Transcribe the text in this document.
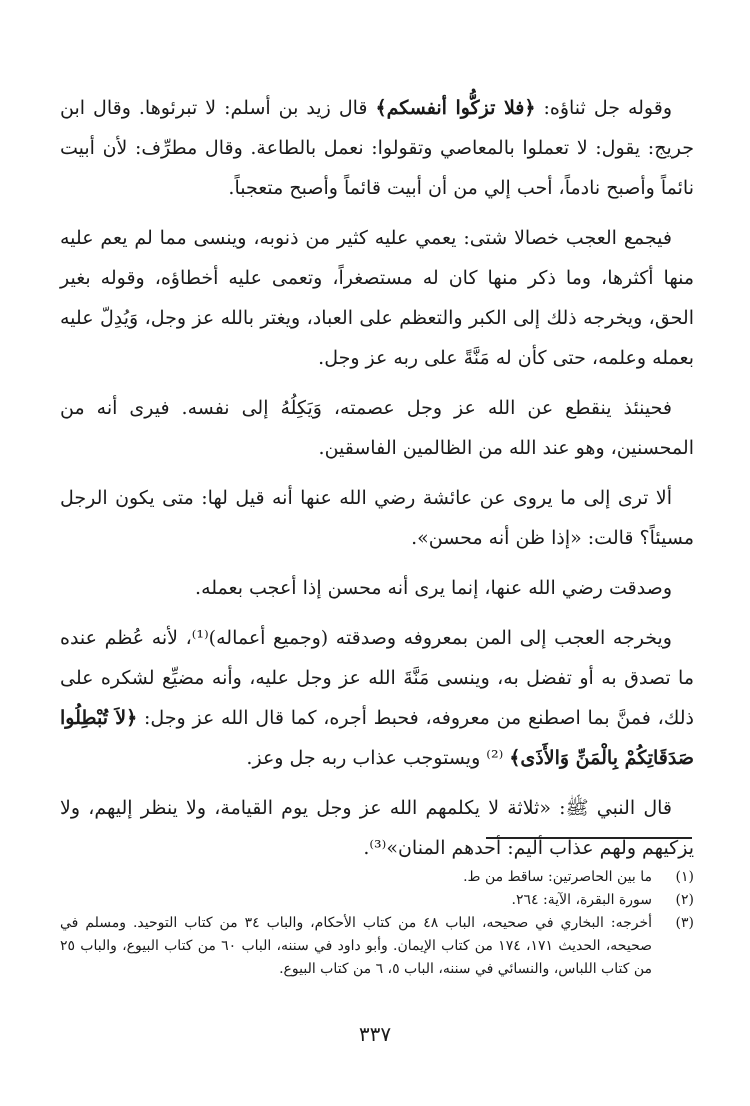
وقوله جل ثناؤه: ﴿فلا تزكُّوا أنفسكم﴾ قال زيد بن أسلم: لا تبرئوها. وقال ابن جريج: يقول: لا تعملوا بالمعاصي وتقولوا: نعمل بالطاعة. وقال مطرِّف: لأن أبيت نائماً وأصبح نادماً، أحب إلي من أن أبيت قائماً وأصبح متعجباً.

فيجمع العجب خصالا شتى: يعمي عليه كثير من ذنوبه، وينسى مما لم يعم عليه منها أكثرها، وما ذكر منها كان له مستصغراً، وتعمى عليه أخطاؤه، وقوله بغير الحق، ويخرجه ذلك إلى الكبر والتعظم على العباد، ويغتر بالله عز وجل، وَيُدِلّ عليه بعمله وعلمه، حتى كأن له مَنَّةً على ربه عز وجل.

فحينئذ ينقطع عن الله عز وجل عصمته، وَيَكِلُهُ إلى نفسه. فيرى أنه من المحسنين، وهو عند الله من الظالمين الفاسقين.

ألا ترى إلى ما يروى عن عائشة رضي الله عنها أنه قيل لها: متى يكون الرجل مسيئاً؟ قالت: «إذا ظن أنه محسن».

وصدقت رضي الله عنها، إنما يرى أنه محسن إذا أعجب بعمله.

ويخرجه العجب إلى المن بمعروفه وصدقته (وجميع أعماله)⁽¹⁾، لأنه عُظم عنده ما تصدق به أو تفضل به، وينسى مَنَّةَ الله عز وجل عليه، وأنه مضيِّع لشكره على ذلك، فمنَّ بما اصطنع من معروفه، فحبط أجره، كما قال الله عز وجل: ﴿لاَ تُبْطِلُوا صَدَقَاتِكُمْ بِالْمَنِّ وَالأَذَى﴾ ⁽²⁾ ويستوجب عذاب ربه جل وعز.

قال النبي ﷺ: «ثلاثة لا يكلمهم الله عز وجل يوم القيامة، ولا ينظر إليهم، ولا يزكيهم ولهم عذاب أليم: أحدهم المنان»⁽³⁾.

(١)
ما بين الحاصرتين: ساقط من ط.
(٢)
سورة البقرة، الآية: ٢٦٤.
(٣)
أخرجه: البخاري في صحيحه، الباب ٤٨ من كتاب الأحكام، والباب ٣٤ من كتاب التوحيد. ومسلم في صحيحه، الحديث ١٧١، ١٧٤ من كتاب الإيمان. وأبو داود في سننه، الباب ٦٠ من كتاب البيوع، والباب ٢٥ من كتاب اللباس، والنسائي في سننه، الباب ٥، ٦ من كتاب البيوع.
٣٣٧
